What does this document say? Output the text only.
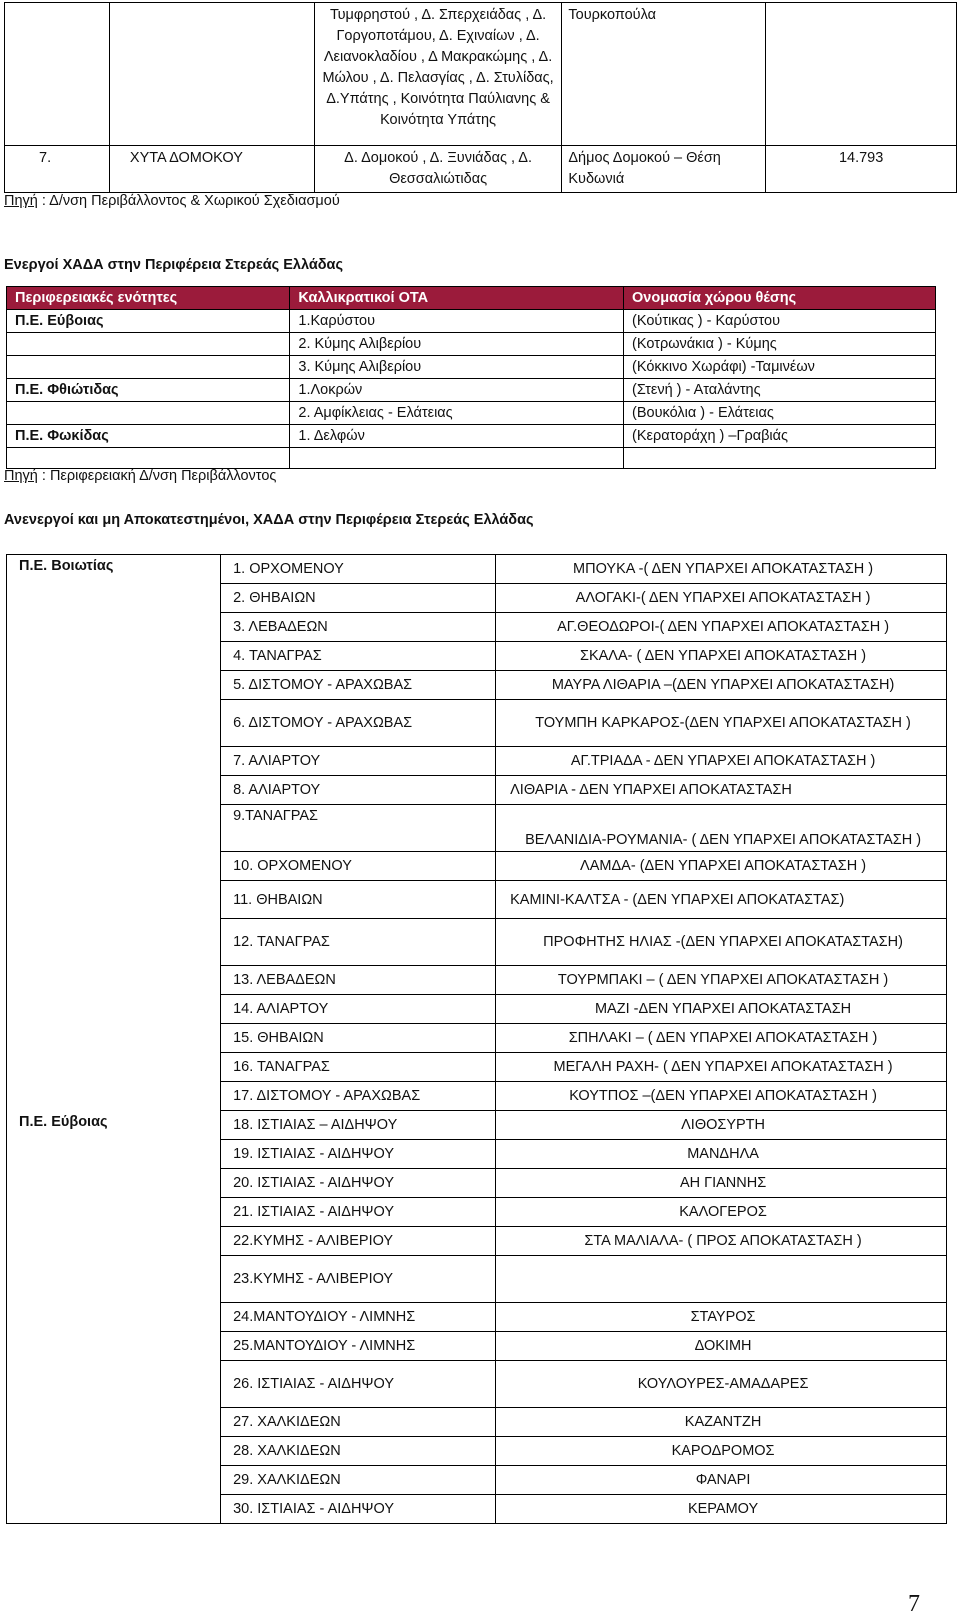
		Τυμφρηστού , Δ. Σπερχειάδας , Δ. Γοργοποτάμου, Δ. Εχιναίων , Δ. Λειανοκλαδίου , Δ Μακρακώμης , Δ. Μώλου , Δ. Πελασγίας , Δ. Στυλίδας, Δ.Υπάτης , Κοινότητα Παύλιανης & Κοινότητα Υπάτης	Τουρκοπούλα	
7.	ΧΥΤΑ ΔΟΜΟΚΟΥ	Δ. Δομοκού , Δ. Ξυνιάδας , Δ. Θεσσαλιώτιδας	Δήμος Δομοκού – Θέση Κυδωνιά	14.793
Πηγή : Δ/νση Περιβάλλοντος & Χωρικού Σχεδιασμού
Ενεργοί ΧΑΔΑ στην Περιφέρεια Στερεάς Ελλάδας
Περιφερειακές ενότητες	Καλλικρατικοί ΟΤΑ	Ονομασία χώρου θέσης
Π.Ε. Εύβοιας	1.Καρύστου	(Κούτικας ) - Καρύστου
	2. Κύμης Αλιβερίου	(Κοτρωνάκια ) - Κύμης
	3. Κύμης Αλιβερίου	(Κόκκινο Χωράφι) -Ταμινέων
Π.Ε. Φθιώτιδας	1.Λοκρών	(Στενή ) - Αταλάντης
	2. Αμφίκλειας - Ελάτειας	(Βουκόλια ) - Ελάτειας
Π.Ε. Φωκίδας	1. Δελφών	(Κερατοράχη ) –Γραβιάς

Πηγή : Περιφερειακή Δ/νση Περιβάλλοντος
Ανενεργοί και μη Αποκατεστημένοι, ΧΑΔΑ στην Περιφέρεια Στερεάς Ελλάδας
Π.Ε. Βοιωτίας	1. ΟΡΧΟΜΕΝΟΥ	ΜΠΟΥΚΑ -( ΔΕΝ ΥΠΑΡΧΕΙ ΑΠΟΚΑΤΑΣΤΑΣΗ )
	2. ΘΗΒΑΙΩΝ	ΑΛΟΓΑΚΙ-( ΔΕΝ ΥΠΑΡΧΕΙ ΑΠΟΚΑΤΑΣΤΑΣΗ )
	3. ΛΕΒΑΔΕΩΝ	ΑΓ.ΘΕΟΔΩΡΟΙ-( ΔΕΝ ΥΠΑΡΧΕΙ ΑΠΟΚΑΤΑΣΤΑΣΗ )
	4. ΤΑΝΑΓΡΑΣ	ΣΚΑΛΑ- ( ΔΕΝ ΥΠΑΡΧΕΙ ΑΠΟΚΑΤΑΣΤΑΣΗ )
	5. ΔΙΣΤΟΜΟΥ - ΑΡΑΧΩΒΑΣ	ΜΑΥΡΑ ΛΙΘΑΡΙΑ –(ΔΕΝ ΥΠΑΡΧΕΙ ΑΠΟΚΑΤΑΣΤΑΣΗ)
	6. ΔΙΣΤΟΜΟΥ - ΑΡΑΧΩΒΑΣ	ΤΟΥΜΠΗ ΚΑΡΚΑΡΟΣ-(ΔΕΝ ΥΠΑΡΧΕΙ ΑΠΟΚΑΤΑΣΤΑΣΗ )
	7. ΑΛΙΑΡΤΟΥ	ΑΓ.ΤΡΙΑΔΑ - ΔΕΝ ΥΠΑΡΧΕΙ ΑΠΟΚΑΤΑΣΤΑΣΗ )
	8. ΑΛΙΑΡΤΟΥ	ΛΙΘΑΡΙΑ - ΔΕΝ ΥΠΑΡΧΕΙ ΑΠΟΚΑΤΑΣΤΑΣΗ
	9.ΤΑΝΑΓΡΑΣ	ΒΕΛΑΝΙΔΙΑ-ΡΟΥΜΑΝΙΑ- ( ΔΕΝ ΥΠΑΡΧΕΙ ΑΠΟΚΑΤΑΣΤΑΣΗ )
	10. ΟΡΧΟΜΕΝΟΥ	ΛΑΜΔΑ- (ΔΕΝ ΥΠΑΡΧΕΙ ΑΠΟΚΑΤΑΣΤΑΣΗ )
	11. ΘΗΒΑΙΩΝ	ΚΑΜΙΝΙ-ΚΑΛΤΣΑ - (ΔΕΝ ΥΠΑΡΧΕΙ ΑΠΟΚΑΤΑΣΤΑΣ)
	12. ΤΑΝΑΓΡΑΣ	ΠΡΟΦΗΤΗΣ ΗΛΙΑΣ -(ΔΕΝ ΥΠΑΡΧΕΙ ΑΠΟΚΑΤΑΣΤΑΣΗ)
	13. ΛΕΒΑΔΕΩΝ	ΤΟΥΡΜΠΑΚΙ – ( ΔΕΝ ΥΠΑΡΧΕΙ ΑΠΟΚΑΤΑΣΤΑΣΗ )
	14. ΑΛΙΑΡΤΟΥ	ΜΑΖΙ -ΔΕΝ ΥΠΑΡΧΕΙ ΑΠΟΚΑΤΑΣΤΑΣΗ
	15. ΘΗΒΑΙΩΝ	ΣΠΗΛΑΚΙ – ( ΔΕΝ ΥΠΑΡΧΕΙ ΑΠΟΚΑΤΑΣΤΑΣΗ )
	16. ΤΑΝΑΓΡΑΣ	ΜΕΓΑΛΗ ΡΑΧΗ- ( ΔΕΝ ΥΠΑΡΧΕΙ ΑΠΟΚΑΤΑΣΤΑΣΗ )
	17. ΔΙΣΤΟΜΟΥ - ΑΡΑΧΩΒΑΣ	ΚΟΥΤΠΟΣ –(ΔΕΝ ΥΠΑΡΧΕΙ ΑΠΟΚΑΤΑΣΤΑΣΗ )
Π.Ε. Εύβοιας	18. ΙΣΤΙΑΙΑΣ – ΑΙΔΗΨΟΥ	ΛΙΘΟΣΥΡΤΗ
	19. ΙΣΤΙΑΙΑΣ - ΑΙΔΗΨΟΥ	ΜΑΝΔΗΛΑ
	20. ΙΣΤΙΑΙΑΣ - ΑΙΔΗΨΟΥ	ΑΗ ΓΙΑΝΝΗΣ
	21. ΙΣΤΙΑΙΑΣ - ΑΙΔΗΨΟΥ	ΚΑΛΟΓΕΡΟΣ
	22.ΚΥΜΗΣ - ΑΛΙΒΕΡΙΟΥ	ΣΤΑ ΜΑΛΙΑΛΑ- ( ΠΡΟΣ ΑΠΟΚΑΤΑΣΤΑΣΗ )
	23.ΚΥΜΗΣ - ΑΛΙΒΕΡΙΟΥ	
	24.ΜΑΝΤΟΥΔΙΟΥ - ΛΙΜΝΗΣ	ΣΤΑΥΡΟΣ
	25.ΜΑΝΤΟΥΔΙΟΥ - ΛΙΜΝΗΣ	ΔΟΚΙΜΗ
	26. ΙΣΤΙΑΙΑΣ - ΑΙΔΗΨΟΥ	ΚΟΥΛΟΥΡΕΣ-ΑΜΑΔΑΡΕΣ
	27. ΧΑΛΚΙΔΕΩΝ	ΚΑΖΑΝΤΖΗ
	28. ΧΑΛΚΙΔΕΩΝ	ΚΑΡΟΔΡΟΜΟΣ
	29. ΧΑΛΚΙΔΕΩΝ	ΦΑΝΑΡΙ
	30. ΙΣΤΙΑΙΑΣ - ΑΙΔΗΨΟΥ	ΚΕΡΑΜΟΥ
7
